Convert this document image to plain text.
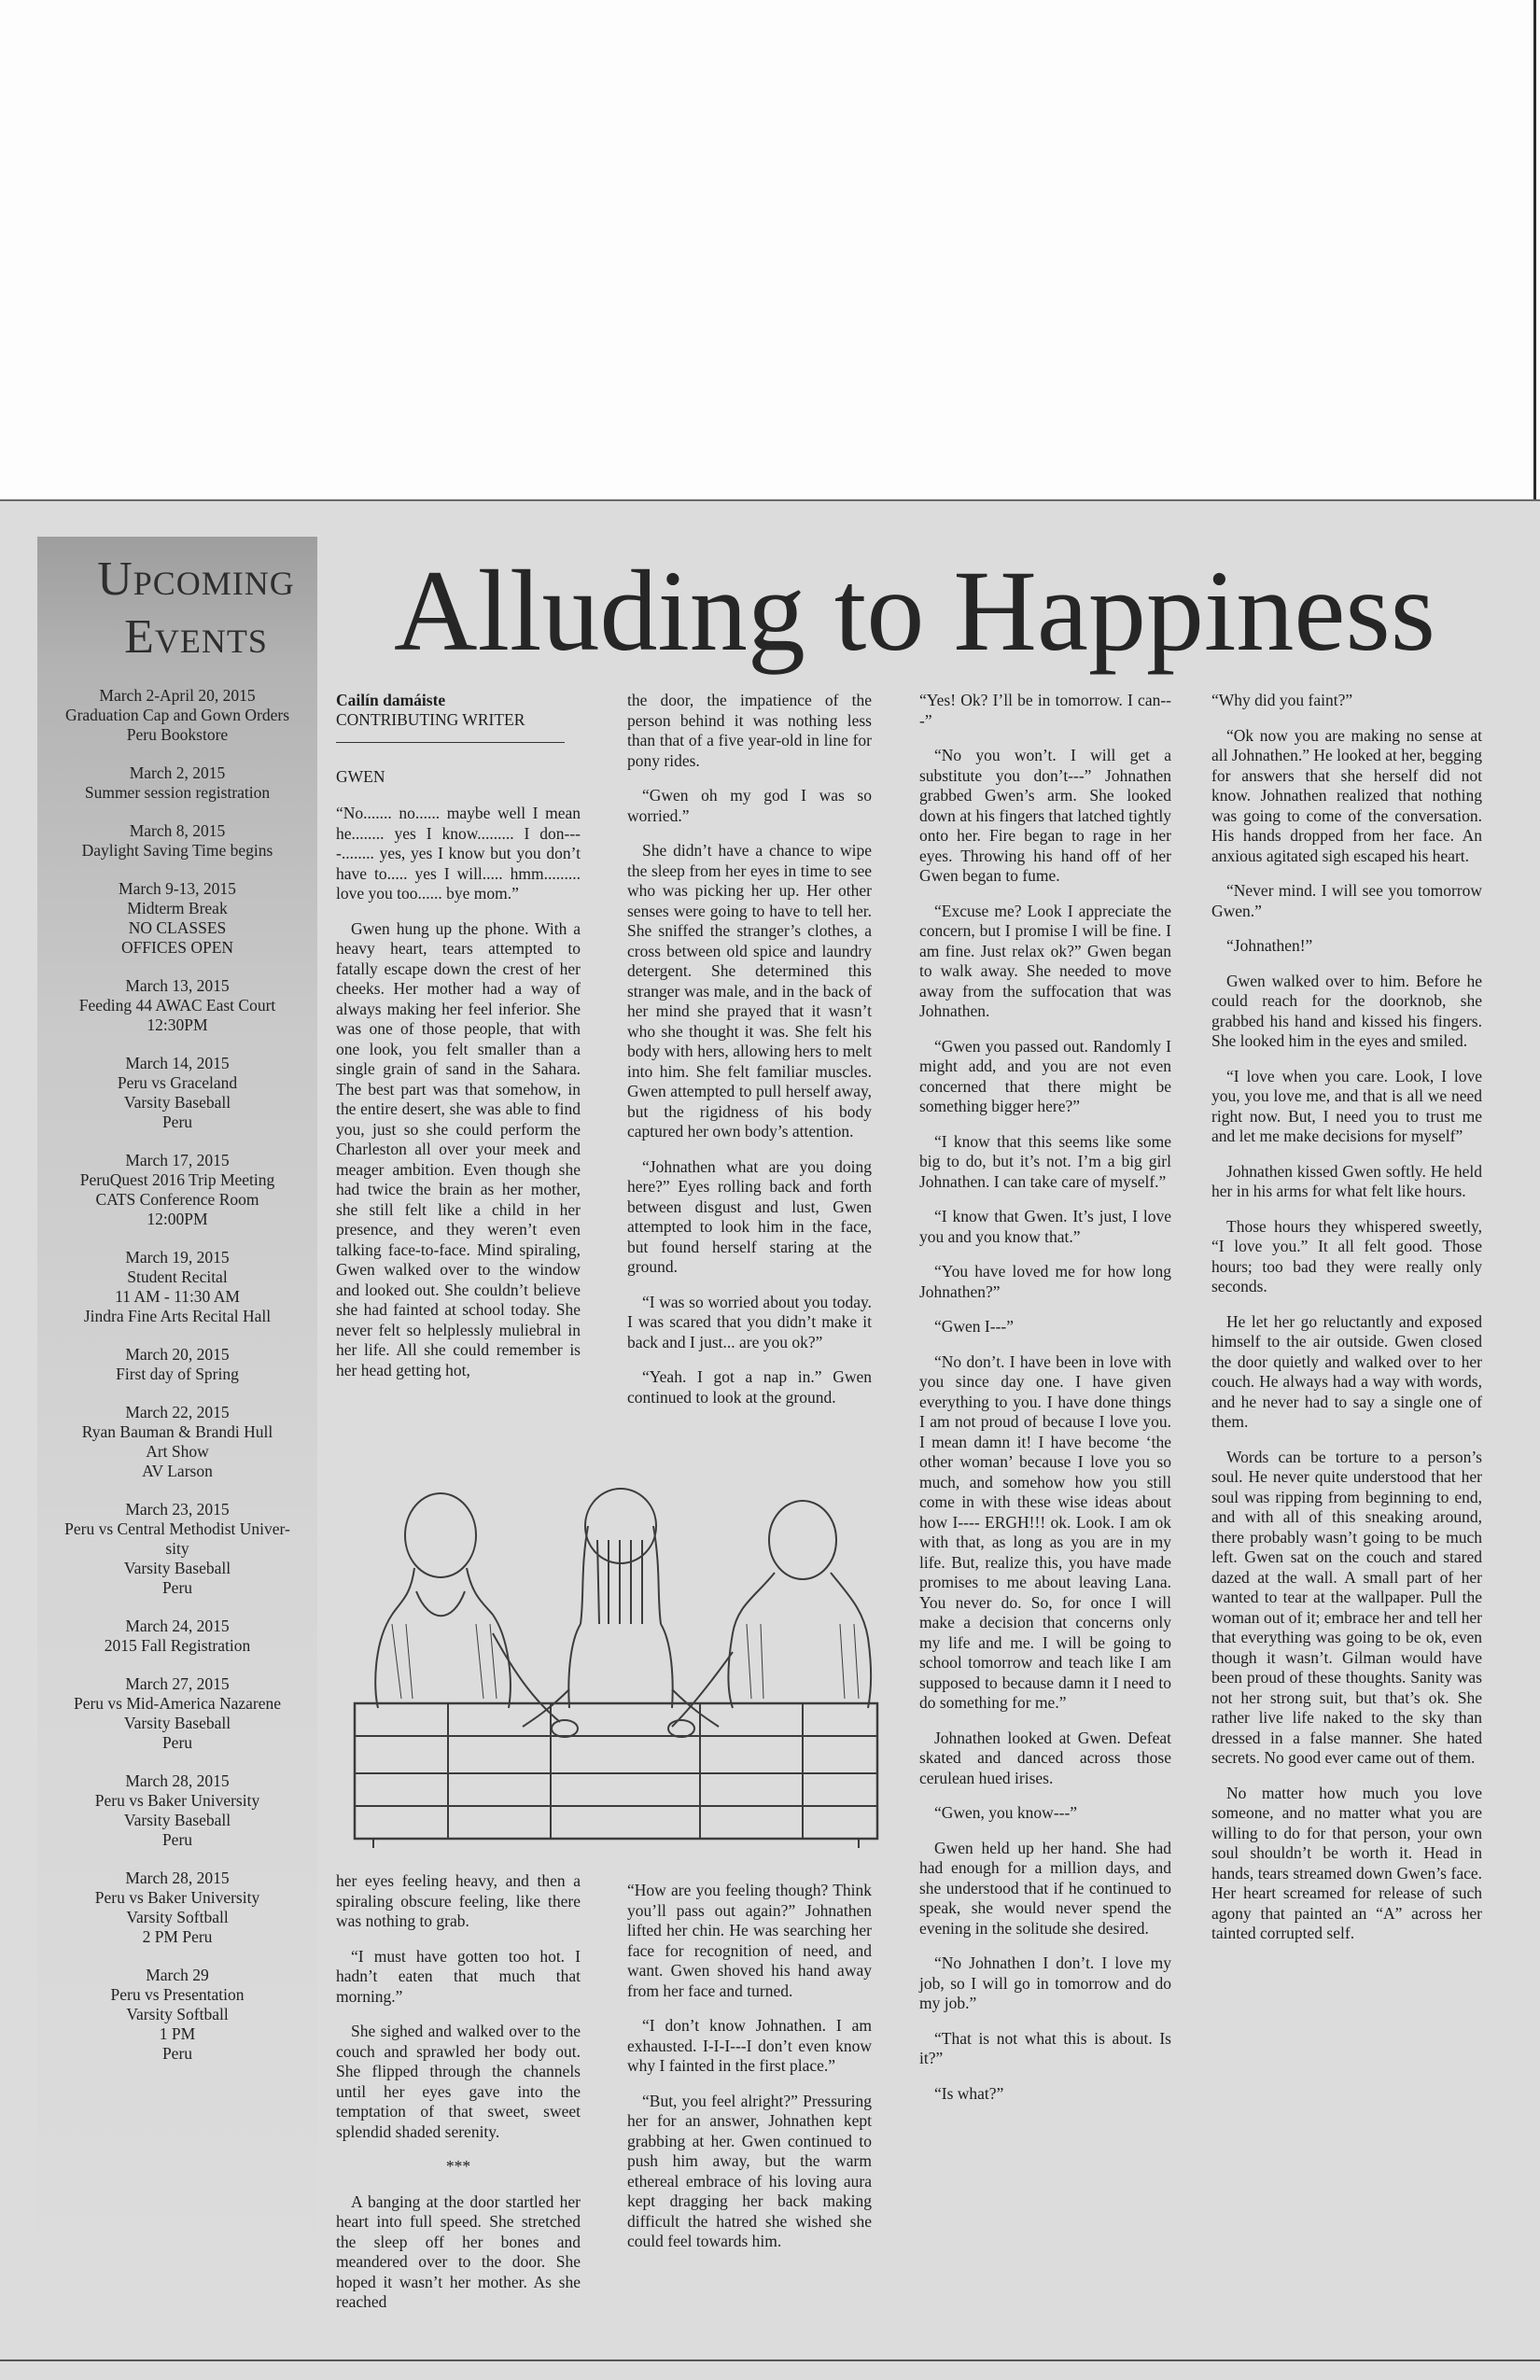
Upcoming
Events
March 2-April 20, 2015
Graduation Cap and Gown Orders
Peru Bookstore
March 2, 2015
Summer session registration
March 8, 2015
Daylight Saving Time begins
March 9-13, 2015
Midterm Break
NO CLASSES
OFFICES OPEN
March 13, 2015
Feeding 44 AWAC East Court
12:30PM
March 14, 2015
Peru vs Graceland
Varsity Baseball
Peru
March 17, 2015
PeruQuest 2016 Trip Meeting
CATS Conference Room
12:00PM
March 19, 2015
Student Recital
11 AM - 11:30 AM
Jindra Fine Arts Recital Hall
March 20, 2015
First day of Spring
March 22, 2015
Ryan Bauman & Brandi Hull
Art Show
AV Larson
March 23, 2015
Peru vs Central Methodist Univer-
sity
Varsity Baseball
Peru
March 24, 2015
2015 Fall Registration
March 27, 2015
Peru vs Mid-America Nazarene
Varsity Baseball
Peru
March 28, 2015
Peru vs Baker University
Varsity Baseball
Peru
March 28, 2015
Peru vs Baker University
Varsity Softball
2 PM Peru
March 29
Peru vs Presentation
Varsity Softball
1 PM
Peru
Alluding to Happiness
Cailín damáiste
CONTRIBUTING WRITER
GWEN

“No....... no...... maybe well I mean he........ yes I know......... I don----........ yes, yes I know but you don’t have to..... yes I will..... hmm......... love you too...... bye mom.”

Gwen hung up the phone. With a heavy heart, tears attempted to fatally escape down the crest of her cheeks. Her mother had a way of always making her feel inferior. She was one of those people, that with one look, you felt smaller than a single grain of sand in the Sahara. The best part was that somehow, in the entire desert, she was able to find you, just so she could perform the Charleston all over your meek and meager ambition. Even though she had twice the brain as her mother, she still felt like a child in her presence, and they weren’t even talking face-to-face. Mind spiraling, Gwen walked over to the window and looked out. She couldn’t believe she had fainted at school today. She never felt so helplessly muliebral in her life. All she could remember is her head getting hot,

her eyes feeling heavy, and then a spiraling obscure feeling, like there was nothing to grab.

“I must have gotten too hot. I hadn’t eaten that much that morning.”

She sighed and walked over to the couch and sprawled her body out. She flipped through the channels until her eyes gave into the temptation of that sweet, sweet splendid shaded serenity.

***

A banging at the door startled her heart into full speed. She stretched the sleep off her bones and meandered over to the door. She hoped it wasn’t her mother. As she reached

the door, the impatience of the person behind it was nothing less than that of a five year-old in line for pony rides.

“Gwen oh my god I was so worried.”

She didn’t have a chance to wipe the sleep from her eyes in time to see who was picking her up. Her other senses were going to have to tell her. She sniffed the stranger’s clothes, a cross between old spice and laundry detergent. She determined this stranger was male, and in the back of her mind she prayed that it wasn’t who she thought it was. She felt his body with hers, allowing hers to melt into him. She felt familiar muscles. Gwen attempted to pull herself away, but the rigidness of his body captured her own body’s attention.

“Johnathen what are you doing here?” Eyes rolling back and forth between disgust and lust, Gwen attempted to look him in the face, but found herself staring at the ground.

“I was so worried about you today. I was scared that you didn’t make it back and I just... are you ok?”

“Yeah. I got a nap in.” Gwen continued to look at the ground.

“How are you feeling though? Think you’ll pass out again?” Johnathen lifted her chin. He was searching her face for recognition of need, and want. Gwen shoved his hand away from her face and turned.

“I don’t know Johnathen. I am exhausted. I-I-I---I don’t even know why I fainted in the first place.”

“But, you feel alright?” Pressuring her for an answer, Johnathen kept grabbing at her. Gwen continued to push him away, but the warm ethereal embrace of his loving aura kept dragging her back making difficult the hatred she wished she could feel towards him.

“Yes! Ok? I’ll be in tomorrow. I can---”

“No you won’t. I will get a substitute you don’t---” Johnathen grabbed Gwen’s arm. She looked down at his fingers that latched tightly onto her. Fire began to rage in her eyes. Throwing his hand off of her Gwen began to fume.

“Excuse me? Look I appreciate the concern, but I promise I will be fine. I am fine. Just relax ok?” Gwen began to walk away. She needed to move away from the suffocation that was Johnathen.

“Gwen you passed out. Randomly I might add, and you are not even concerned that there might be something bigger here?”

“I know that this seems like some big to do, but it’s not. I’m a big girl Johnathen. I can take care of myself.”

“I know that Gwen. It’s just, I love you and you know that.”

“You have loved me for how long Johnathen?”

“Gwen I---”

“No don’t. I have been in love with you since day one. I have given everything to you. I have done things I am not proud of because I love you. I mean damn it! I have become ‘the other woman’ because I love you so much, and somehow how you still come in with these wise ideas about how I---- ERGH!!! ok. Look. I am ok with that, as long as you are in my life. But, realize this, you have made promises to me about leaving Lana. You never do. So, for once I will make a decision that concerns only my life and me. I will be going to school tomorrow and teach like I am supposed to because damn it I need to do something for me.”

Johnathen looked at Gwen. Defeat skated and danced across those cerulean hued irises.

“Gwen, you know---”

Gwen held up her hand. She had had enough for a million days, and she understood that if he continued to speak, she would never spend the evening in the solitude she desired.

“No Johnathen I don’t. I love my job, so I will go in tomorrow and do my job.”

“That is not what this is about. Is it?”

“Is what?”

“Why did you faint?”

“Ok now you are making no sense at all Johnathen.” He looked at her, begging for answers that she herself did not know. Johnathen realized that nothing was going to come of the conversation. His hands dropped from her face. An anxious agitated sigh escaped his heart.

“Never mind. I will see you tomorrow Gwen.”

“Johnathen!”

Gwen walked over to him. Before he could reach for the doorknob, she grabbed his hand and kissed his fingers. She looked him in the eyes and smiled.

“I love when you care. Look, I love you, you love me, and that is all we need right now. But, I need you to trust me and let me make decisions for myself”

Johnathen kissed Gwen softly. He held her in his arms for what felt like hours.

Those hours they whispered sweetly, “I love you.” It all felt good. Those hours; too bad they were really only seconds.

He let her go reluctantly and exposed himself to the air outside. Gwen closed the door quietly and walked over to her couch. He always had a way with words, and he never had to say a single one of them.

Words can be torture to a person’s soul. He never quite understood that her soul was ripping from beginning to end, and with all of this sneaking around, there probably wasn’t going to be much left. Gwen sat on the couch and stared dazed at the wall. A small part of her wanted to tear at the wallpaper. Pull the woman out of it; embrace her and tell her that everything was going to be ok, even though it wasn’t. Gilman would have been proud of these thoughts. Sanity was not her strong suit, but that’s ok. She rather live life naked to the sky than dressed in a false manner. She hated secrets. No good ever came out of them.

No matter how much you love someone, and no matter what you are willing to do for that person, your own soul shouldn’t be worth it. Head in hands, tears streamed down Gwen’s face. Her heart screamed for release of such agony that painted an “A” across her tainted corrupted self.
